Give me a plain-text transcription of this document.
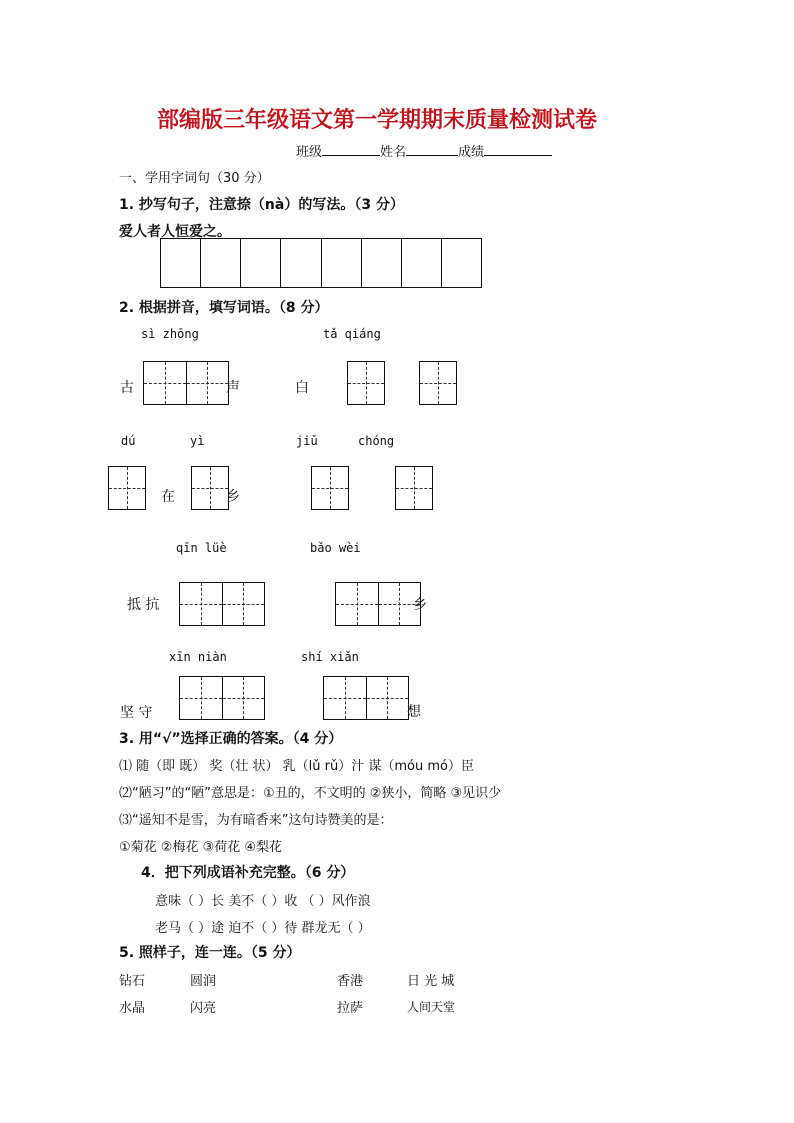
部编版三年级语文第一学期期末质量检测试卷
班级	姓名	成绩
一、学用字词句（30 分）
1. 抄写句子，注意捺（nà）的写法。（3 分）
爱人者人恒爱之。
2. 根据拼音，填写词语。（8 分）
sì zhōng	tǎ qiáng
古	声	白
dú	yì	jiǔ	chóng
在	乡
qīn lüè	bǎo wèi
抵 抗	乡
xīn niàn	shí xiǎn
坚 守	想
3. 用“√”选择正确的答案。（4 分）
⑴ 随（即 既） 奖（壮 状） 乳（lǔ rǔ）汁 谋（móu mó）臣
⑵“陋习”的“陋”意思是：①丑的，不文明的 ②狭小，简略 ③见识少
⑶“遥知不是雪，为有暗香来”这句诗赞美的是：
①菊花 ②梅花 ③荷花 ④梨花
4．把下列成语补充完整。（6 分）
意味（ ）长 美不（ ）收 （ ）风作浪
老马（ ）途 迫不（ ）待 群龙无（ ）
5. 照样子，连一连。（5 分）
钻石	圆润	香港	日 光 城
水晶	闪亮	拉萨	人间天堂
